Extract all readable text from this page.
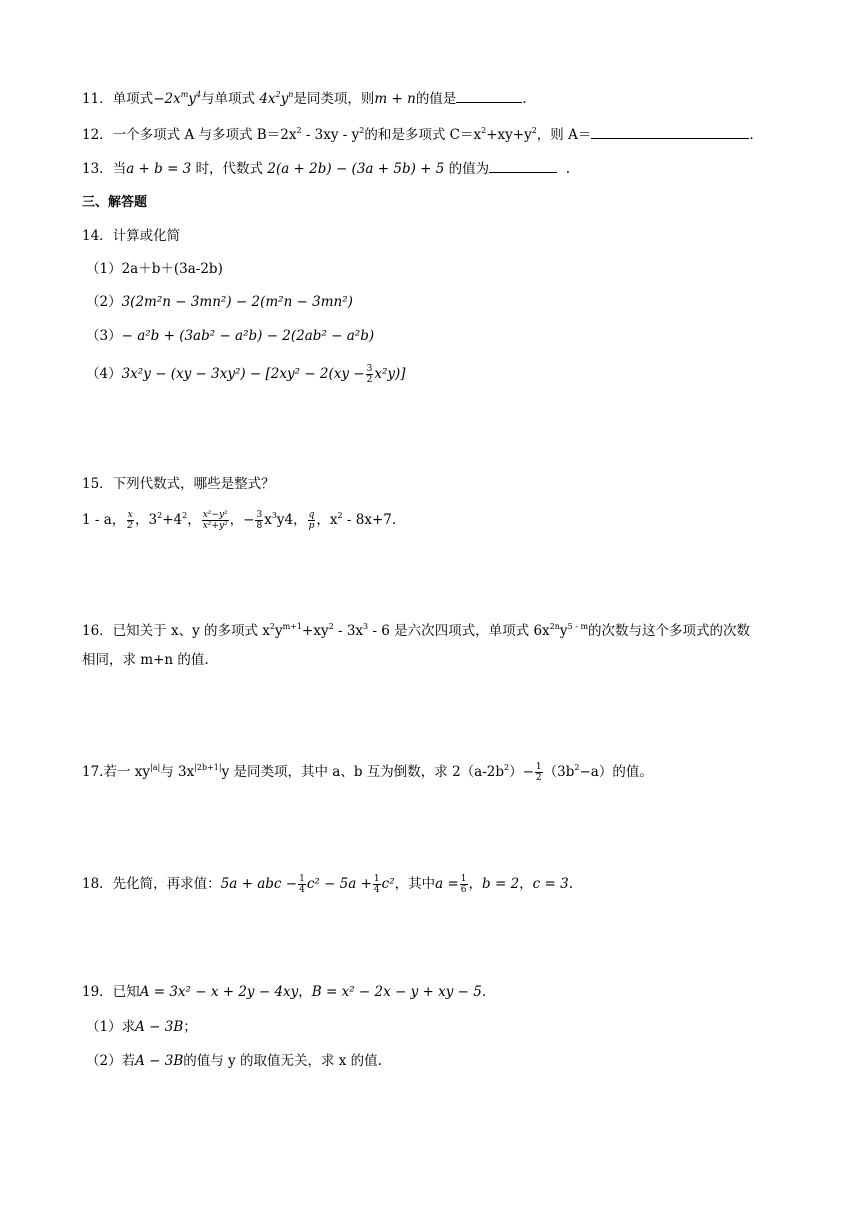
11．单项式$-2x^my^4$与单项式 $4x^2y^n$是同类项，则m + n的值是	.
12．一个多项式 A 与多项式 $B=2x^2 - 3xy - y^2$的和是多项式 $C=x^2+xy+y^2$，则 A＝	.
13．当a + b = 3 时，代数式 2(a + 2b) − (3a + 5b) + 5 的值为	.
三、解答题
14．计算或化简
（1）2a＋b＋(3a-2b)
（2）3(2m²n − 3mn²) − 2(m²n − 3mn²)
（3）− a²b + (3ab² − a²b) − 2(2ab² − a²b)
$(4)3x^2y - (xy - 3xy^2) - [2xy^2 - 2(xy - \frac{3}{2} x^2y)]$
15．下列代数式，哪些是整式？
1 - a， $\frac{x}{2}$ ，$3^2+4^2$， $\frac{\text{x²−y²}}{\text{x²+y²}}$ ，− $\frac{3}{8} x^3y4$， $\frac{q}{p}$ ，$x^2 - 8x+7$.
16．已知关于 x、y 的多项式 $x^2y^{m+1}+xy^2 - 3x^3 - 6$ 是六次四项式，单项式 $6x^{2n}y^{5 - m}$的次数与这个多项式的次数
相同，求 m+n 的值.
17.若一 $xy^{|a|}$与 $3x^{|2b+1|}y$ 是同类项，其中 a、b 互为倒数，求 $2(a-2b^2)- \frac{1}{2} (3b^2-a)$的值。
18．先化简，再求值：5a + abc − $\frac{1}{4} c^2 - 5a + \frac{1}{4} c^2$，其中$a = \frac{1}{6}$ ，b = 2，c = 3.
19．已知A = 3x² − x + 2y − 4xy，B = x² − 2x − y + xy − 5.
（1）求A − 3B；
（2）若A − 3B的值与 y 的取值无关，求 x 的值.
